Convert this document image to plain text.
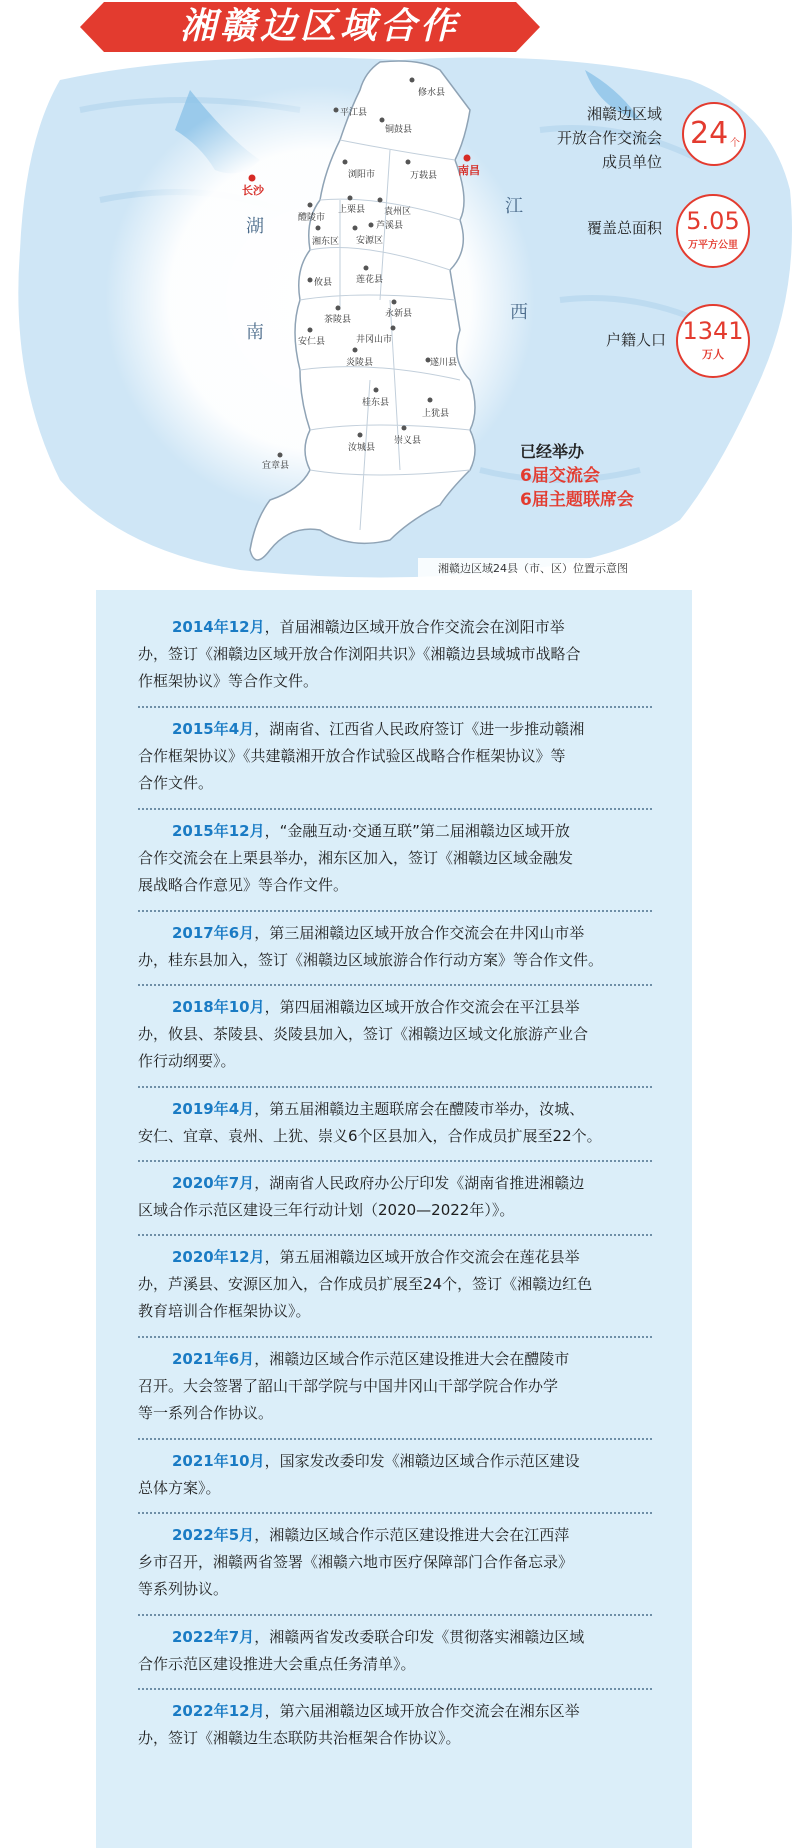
湘赣边区域合作
湖
南
江
西
长沙
南昌
修水县
平江县
铜鼓县
万载县
浏阳市
醴陵市
上栗县 袁州区
芦溪县
湘东区 安源区
攸县	莲花县
茶陵县
永新县
井冈山市
安仁县
炎陵县	遂川县
桂东县
上犹县
汝城县
崇义县
宜章县
湘赣边区域
开放合作交流会
成员单位
24 个
覆盖总面积	5.05
万平方公里
户籍人口 1341
万人
已经举办
6届交流会
6届主题联席会
湘赣边区域24县（市、区）位置示意图
2014年12月，首届湘赣边区域开放合作交流会在浏阳市举
办，签订《湘赣边区域开放合作浏阳共识》《湘赣边县域城市战略合
作框架协议》等合作文件。
2015年4月，湖南省、江西省人民政府签订《进一步推动赣湘
合作框架协议》《共建赣湘开放合作试验区战略合作框架协议》等
合作文件。
2015年12月，“金融互动·交通互联”第二届湘赣边区域开放
合作交流会在上栗县举办，湘东区加入，签订《湘赣边区域金融发
展战略合作意见》等合作文件。
2017年6月，第三届湘赣边区域开放合作交流会在井冈山市举
办，桂东县加入，签订《湘赣边区域旅游合作行动方案》等合作文件。
2018年10月，第四届湘赣边区域开放合作交流会在平江县举
办，攸县、茶陵县、炎陵县加入，签订《湘赣边区域文化旅游产业合
作行动纲要》。
2019年4月，第五届湘赣边主题联席会在醴陵市举办，汝城、
安仁、宜章、袁州、上犹、崇义6个区县加入，合作成员扩展至22个。
2020年7月，湖南省人民政府办公厅印发《湖南省推进湘赣边
区域合作示范区建设三年行动计划（2020—2022年）》。
2020年12月，第五届湘赣边区域开放合作交流会在莲花县举
办，芦溪县、安源区加入，合作成员扩展至24个，签订《湘赣边红色
教育培训合作框架协议》。
2021年6月，湘赣边区域合作示范区建设推进大会在醴陵市
召开。大会签署了韶山干部学院与中国井冈山干部学院合作办学
等一系列合作协议。
2021年10月，国家发改委印发《湘赣边区域合作示范区建设
总体方案》。
2022年5月，湘赣边区域合作示范区建设推进大会在江西萍
乡市召开，湘赣两省签署《湘赣六地市医疗保障部门合作备忘录》
等系列协议。
2022年7月，湘赣两省发改委联合印发《贯彻落实湘赣边区域
合作示范区建设推进大会重点任务清单》。
2022年12月，第六届湘赣边区域开放合作交流会在湘东区举
办，签订《湘赣边生态联防共治框架合作协议》。
